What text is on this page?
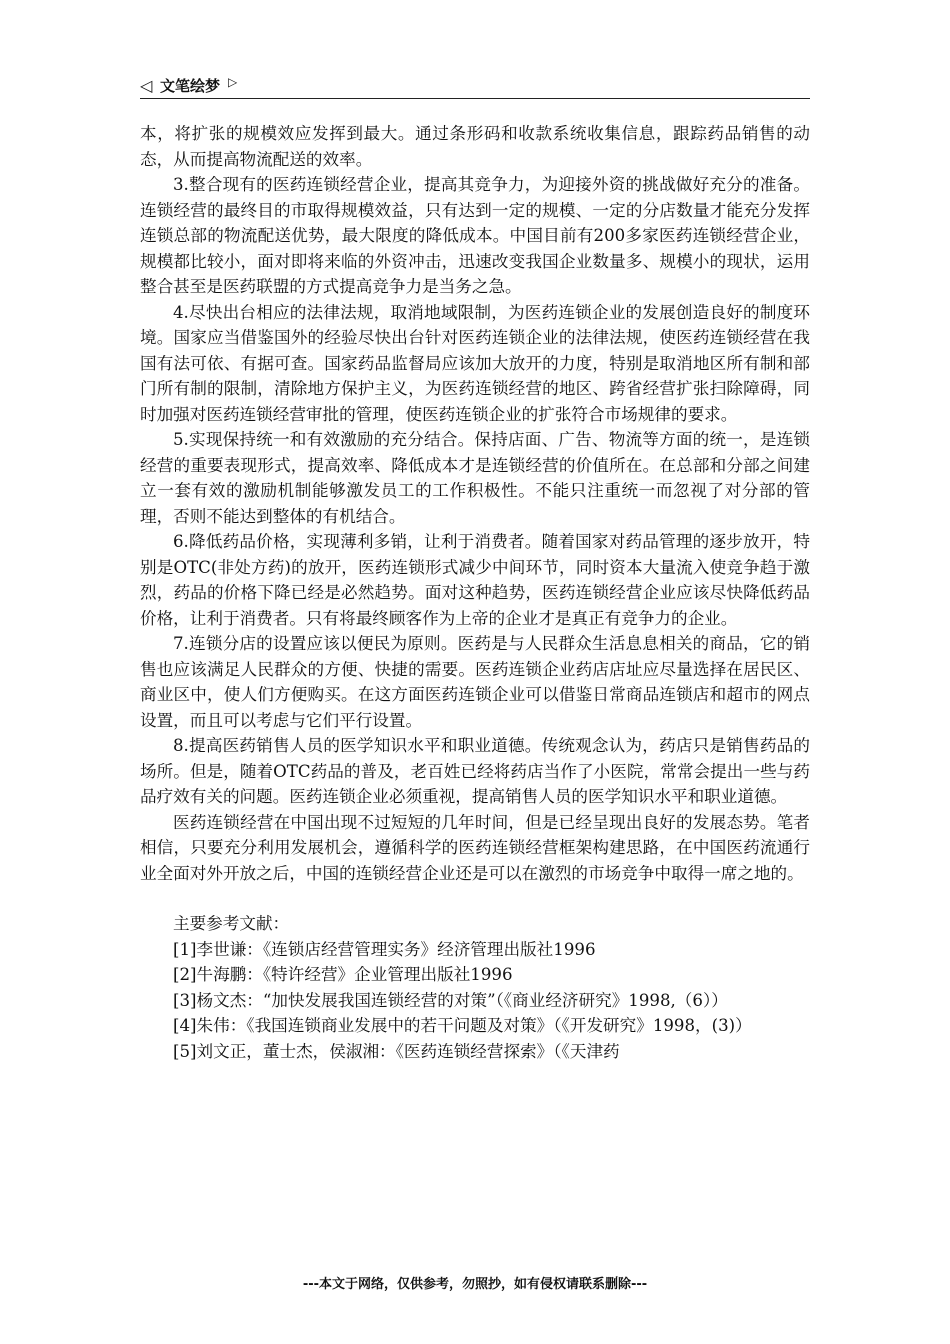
◁ 文笔绘梦 ▷

本，将扩张的规模效应发挥到最大。通过条形码和收款系统收集信息，跟踪药品销售的动态，从而提高物流配送的效率。

3.整合现有的医药连锁经营企业，提高其竞争力，为迎接外资的挑战做好充分的准备。连锁经营的最终目的市取得规模效益，只有达到一定的规模、一定的分店数量才能充分发挥连锁总部的物流配送优势，最大限度的降低成本。中国目前有200多家医药连锁经营企业，规模都比较小，面对即将来临的外资冲击，迅速改变我国企业数量多、规模小的现状，运用整合甚至是医药联盟的方式提高竞争力是当务之急。

4.尽快出台相应的法律法规，取消地域限制，为医药连锁企业的发展创造良好的制度环境。国家应当借鉴国外的经验尽快出台针对医药连锁企业的法律法规，使医药连锁经营在我国有法可依、有据可查。国家药品监督局应该加大放开的力度，特别是取消地区所有制和部门所有制的限制，清除地方保护主义，为医药连锁经营的地区、跨省经营扩张扫除障碍，同时加强对医药连锁经营审批的管理，使医药连锁企业的扩张符合市场规律的要求。

5.实现保持统一和有效激励的充分结合。保持店面、广告、物流等方面的统一，是连锁经营的重要表现形式，提高效率、降低成本才是连锁经营的价值所在。在总部和分部之间建立一套有效的激励机制能够激发员工的工作积极性。不能只注重统一而忽视了对分部的管理，否则不能达到整体的有机结合。

6.降低药品价格，实现薄利多销，让利于消费者。随着国家对药品管理的逐步放开，特别是OTC(非处方药)的放开，医药连锁形式减少中间环节，同时资本大量流入使竞争趋于激烈，药品的价格下降已经是必然趋势。面对这种趋势，医药连锁经营企业应该尽快降低药品价格，让利于消费者。只有将最终顾客作为上帝的企业才是真正有竞争力的企业。

7.连锁分店的设置应该以便民为原则。医药是与人民群众生活息息相关的商品，它的销售也应该满足人民群众的方便、快捷的需要。医药连锁企业药店店址应尽量选择在居民区、商业区中，使人们方便购买。在这方面医药连锁企业可以借鉴日常商品连锁店和超市的网点设置，而且可以考虑与它们平行设置。

8.提高医药销售人员的医学知识水平和职业道德。传统观念认为，药店只是销售药品的场所。但是，随着OTC药品的普及，老百姓已经将药店当作了小医院，常常会提出一些与药品疗效有关的问题。医药连锁企业必须重视，提高销售人员的医学知识水平和职业道德。

医药连锁经营在中国出现不过短短的几年时间，但是已经呈现出良好的发展态势。笔者相信，只要充分利用发展机会，遵循科学的医药连锁经营框架构建思路，在中国医药流通行业全面对外开放之后，中国的连锁经营企业还是可以在激烈的市场竞争中取得一席之地的。

主要参考文献：

[1]李世谦：《连锁店经营管理实务》经济管理出版社1996

[2]牛海鹏：《特许经营》企业管理出版社1996

[3]杨文杰：“加快发展我国连锁经营的对策”（《商业经济研究》1998,（6））

[4]朱伟：《我国连锁商业发展中的若干问题及对策》（《开发研究》1998，(3)）

[5]刘文正，董士杰，侯淑湘：《医药连锁经营探索》（《天津药

---本文于网络，仅供参考，勿照抄，如有侵权请联系删除---
